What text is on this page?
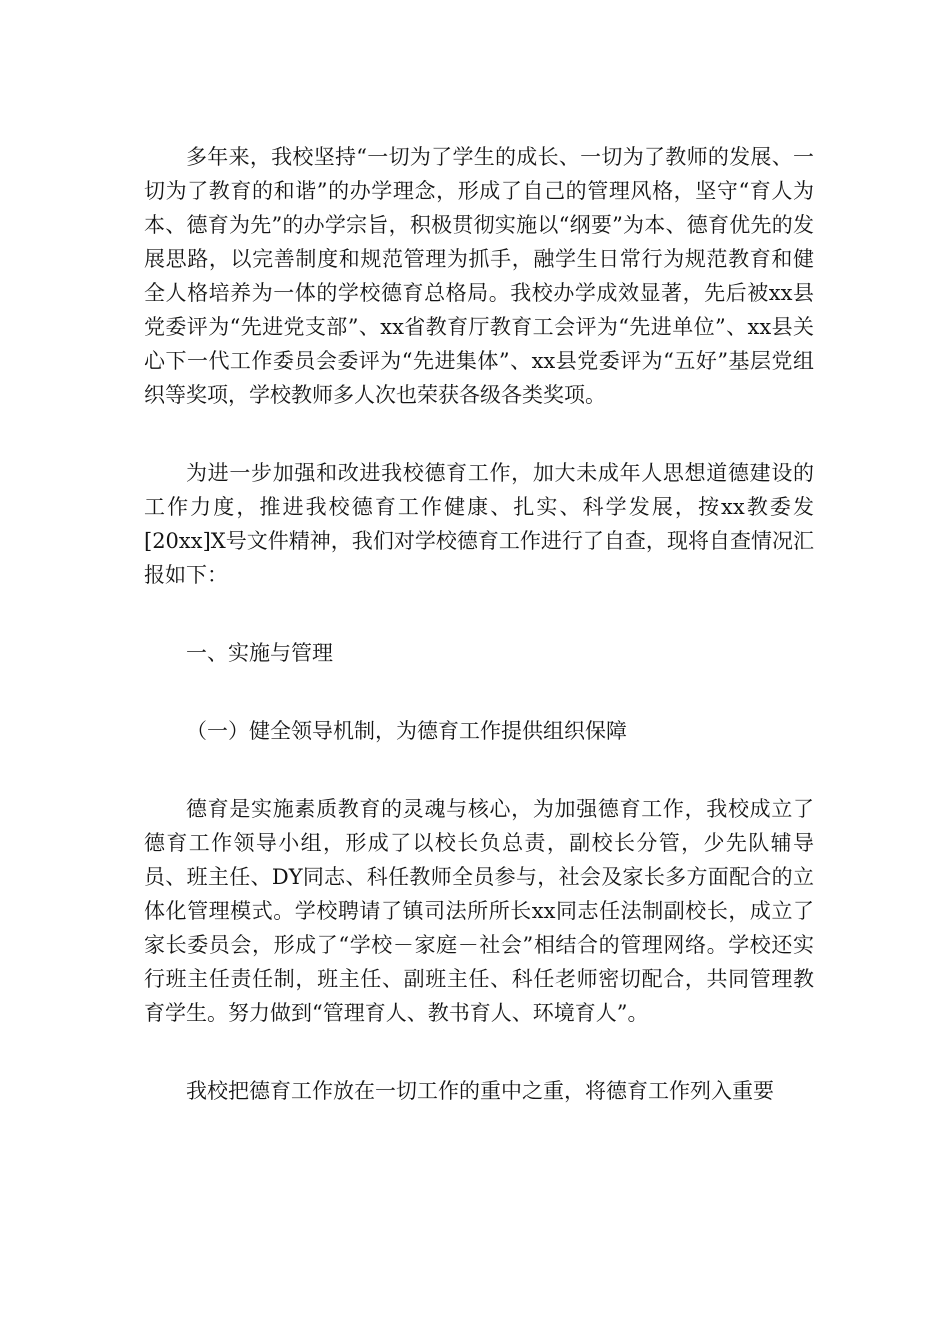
多年来，我校坚持“一切为了学生的成长、一切为了教师的发展、一切为了教育的和谐”的办学理念，形成了自己的管理风格，坚守“育人为本、德育为先”的办学宗旨，积极贯彻实施以“纲要”为本、德育优先的发展思路，以完善制度和规范管理为抓手，融学生日常行为规范教育和健全人格培养为一体的学校德育总格局。我校办学成效显著，先后被xx县党委评为“先进党支部”、xx省教育厅教育工会评为“先进单位”、xx县关心下一代工作委员会委评为“先进集体”、xx县党委评为“五好”基层党组织等奖项，学校教师多人次也荣获各级各类奖项。

为进一步加强和改进我校德育工作，加大未成年人思想道德建设的工作力度，推进我校德育工作健康、扎实、科学发展，按xx教委发[20xx]X号文件精神，我们对学校德育工作进行了自查，现将自查情况汇报如下：

一、实施与管理

（一）健全领导机制，为德育工作提供组织保障

德育是实施素质教育的灵魂与核心，为加强德育工作，我校成立了德育工作领导小组，形成了以校长负总责，副校长分管，少先队辅导员、班主任、DY同志、科任教师全员参与，社会及家长多方面配合的立体化管理模式。学校聘请了镇司法所所长xx同志任法制副校长，成立了家长委员会，形成了“学校－家庭－社会”相结合的管理网络。学校还实行班主任责任制，班主任、副班主任、科任老师密切配合，共同管理教育学生。努力做到“管理育人、教书育人、环境育人”。

我校把德育工作放在一切工作的重中之重，将德育工作列入重要
